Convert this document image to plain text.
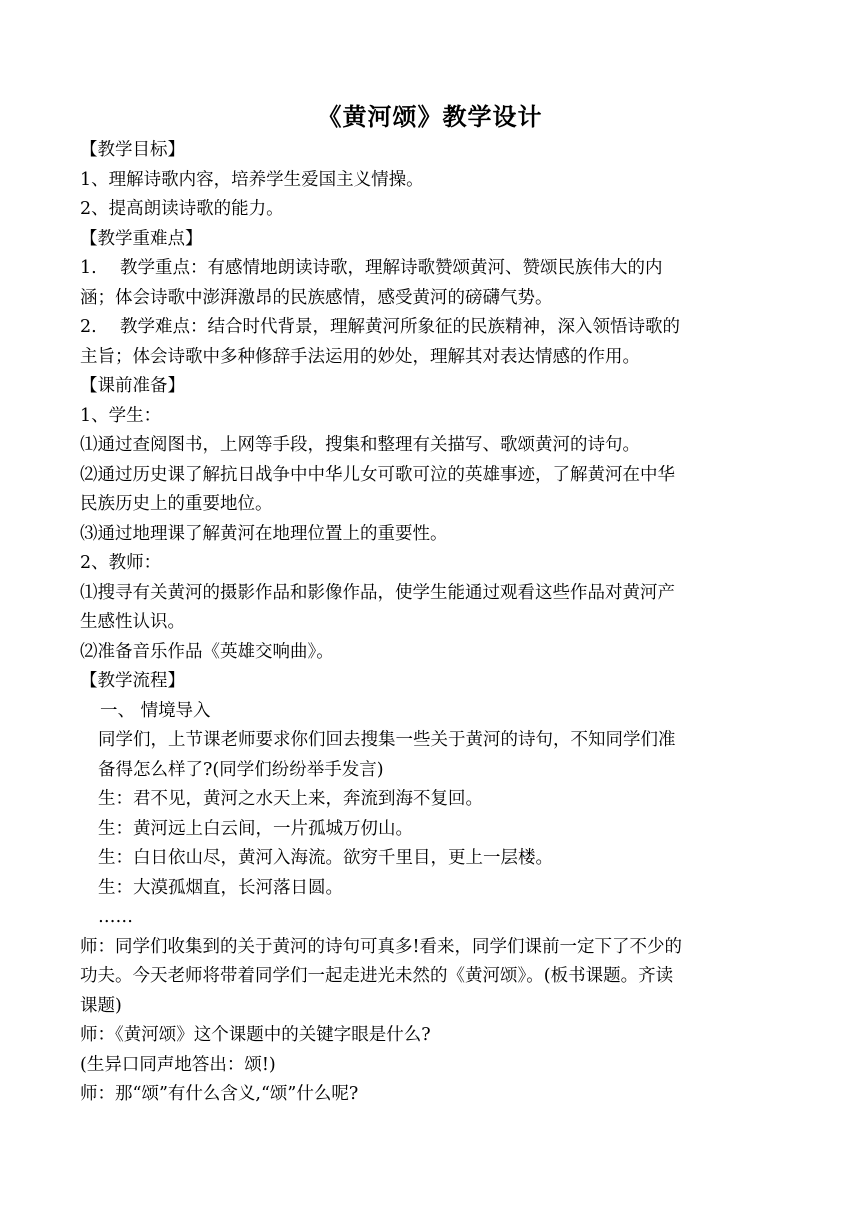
《黄河颂》教学设计
【教学目标】
1、理解诗歌内容，培养学生爱国主义情操。
2、提高朗读诗歌的能力。
【教学重难点】
1.	教学重点：有感情地朗读诗歌，理解诗歌赞颂黄河、赞颂民族伟大的内
涵；体会诗歌中澎湃激昂的民族感情，感受黄河的磅礴气势。
2.	教学难点：结合时代背景，理解黄河所象征的民族精神，深入领悟诗歌的
主旨；体会诗歌中多种修辞手法运用的妙处，理解其对表达情感的作用。
【课前准备】
1、学生：
⑴通过查阅图书，上网等手段，搜集和整理有关描写、歌颂黄河的诗句。
⑵通过历史课了解抗日战争中中华儿女可歌可泣的英雄事迹，了解黄河在中华
民族历史上的重要地位。
⑶通过地理课了解黄河在地理位置上的重要性。
2、教师：
⑴搜寻有关黄河的摄影作品和影像作品，使学生能通过观看这些作品对黄河产
生感性认识。
⑵准备音乐作品《英雄交响曲》。
【教学流程】
一、 情境导入
同学们，上节课老师要求你们回去搜集一些关于黄河的诗句，不知同学们准
备得怎么样了?(同学们纷纷举手发言)
生：君不见，黄河之水天上来，奔流到海不复回。
生：黄河远上白云间，一片孤城万仞山。
生：白日依山尽，黄河入海流。欲穷千里目，更上一层楼。
生：大漠孤烟直，长河落日圆。
……
师：同学们收集到的关于黄河的诗句可真多!看来，同学们课前一定下了不少的
功夫。今天老师将带着同学们一起走进光未然的《黄河颂》。(板书课题。齐读
课题)
师：《黄河颂》这个课题中的关键字眼是什么?
(生异口同声地答出：颂!)
师：那“颂”有什么含义,“颂”什么呢?
